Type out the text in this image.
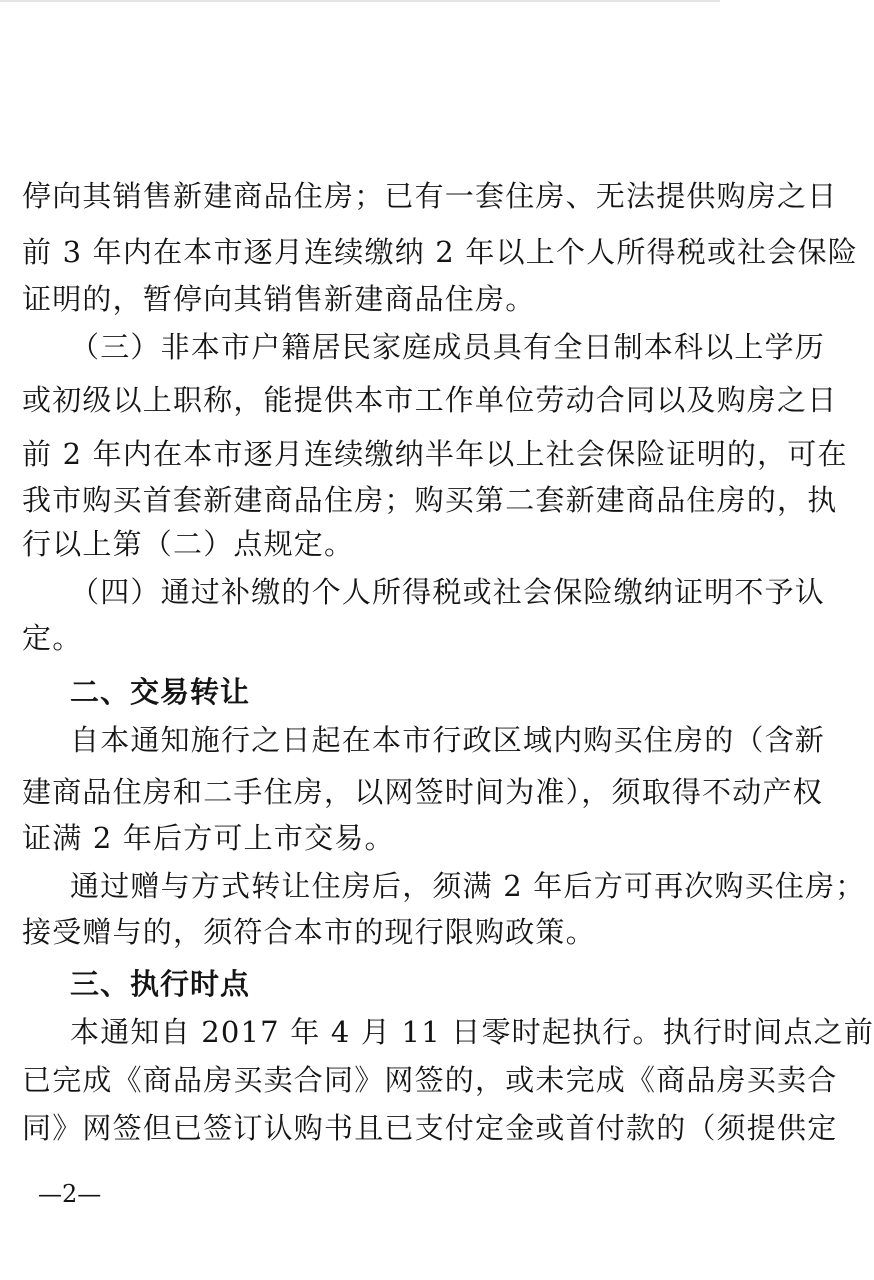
停向其销售新建商品住房；已有一套住房、无法提供购房之日
前 3 年内在本市逐月连续缴纳 2 年以上个人所得税或社会保险
证明的，暂停向其销售新建商品住房。
（三）非本市户籍居民家庭成员具有全日制本科以上学历
或初级以上职称，能提供本市工作单位劳动合同以及购房之日
前 2 年内在本市逐月连续缴纳半年以上社会保险证明的，可在
我市购买首套新建商品住房；购买第二套新建商品住房的，执
行以上第（二）点规定。
（四）通过补缴的个人所得税或社会保险缴纳证明不予认
定。
二、交易转让
自本通知施行之日起在本市行政区域内购买住房的（含新
建商品住房和二手住房，以网签时间为准），须取得不动产权
证满 2 年后方可上市交易。
通过赠与方式转让住房后，须满 2 年后方可再次购买住房；
接受赠与的，须符合本市的现行限购政策。
三、执行时点
本通知自 2017 年 4 月 11 日零时起执行。执行时间点之前
已完成《商品房买卖合同》网签的，或未完成《商品房买卖合
同》网签但已签订认购书且已支付定金或首付款的（须提供定
—2—
